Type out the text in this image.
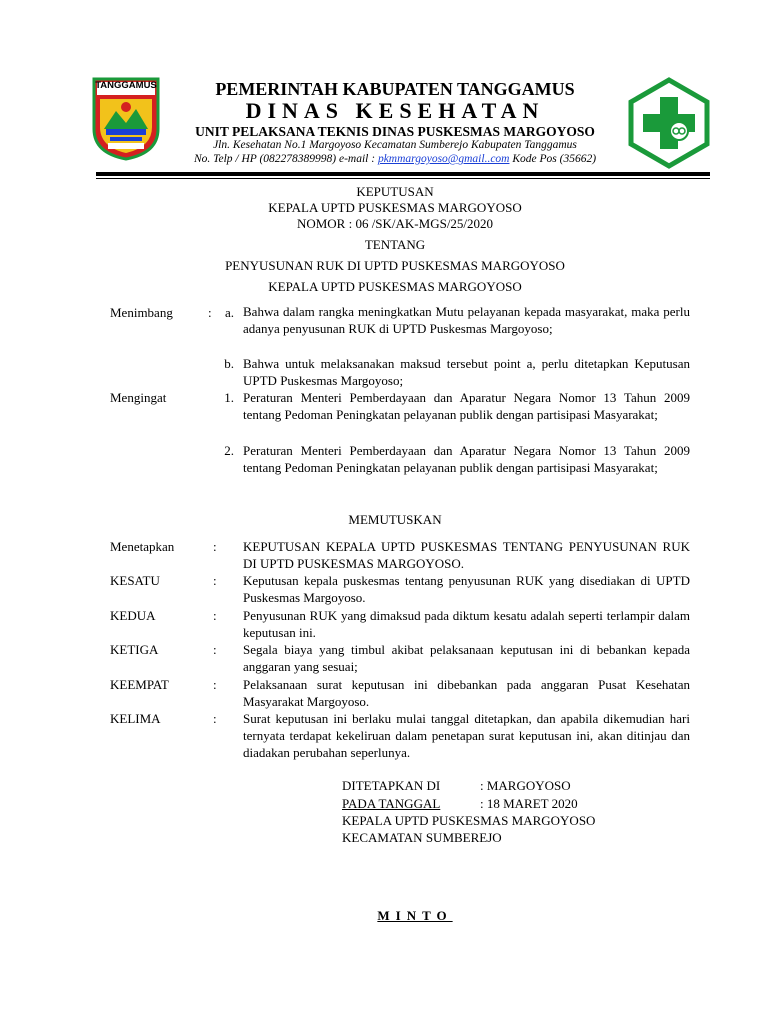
TANGGAMUS	PEMERINTAH KABUPATEN TANGGAMUS
DINAS KESEHATAN
UNIT PELAKSANA TEKNIS DINAS PUSKESMAS MARGOYOSO
Jln. Kesehatan No.1 Margoyoso Kecamatan Sumberejo Kabupaten Tanggamus
No. Telp / HP (082278389998) e-mail : pkmmargoyoso@gmail..com Kode Pos (35662)
KEPUTUSAN
KEPALA UPTD PUSKESMAS MARGOYOSO
NOMOR : 06 /SK/AK-MGS/25/2020
TENTANG
PENYUSUNAN RUK DI UPTD PUSKESMAS MARGOYOSO
KEPALA UPTD PUSKESMAS MARGOYOSO
Menimbang	:	a. Bahwa dalam rangka meningkatkan Mutu pelayanan kepada masyarakat, maka perlu adanya penyusunan RUK di UPTD Puskesmas Margoyoso;
b. Bahwa untuk melaksanakan maksud tersebut point a, perlu ditetapkan Keputusan UPTD Puskesmas Margoyoso;
Mengingat	1. Peraturan Menteri Pemberdayaan dan Aparatur Negara Nomor 13 Tahun 2009 tentang Pedoman Peningkatan pelayanan publik dengan partisipasi Masyarakat;
2. Peraturan Menteri Pemberdayaan dan Aparatur Negara Nomor 13 Tahun 2009 tentang Pedoman Peningkatan pelayanan publik dengan partisipasi Masyarakat;
MEMUTUSKAN
Menetapkan	: KEPUTUSAN KEPALA UPTD PUSKESMAS TENTANG PENYUSUNAN RUK DI UPTD PUSKESMAS MARGOYOSO.
KESATU	: Keputusan kepala puskesmas tentang penyusunan RUK yang disediakan di UPTD Puskesmas Margoyoso.
KEDUA	: Penyusunan RUK yang dimaksud pada diktum kesatu adalah seperti terlampir dalam keputusan ini.
KETIGA	: Segala biaya yang timbul akibat pelaksanaan keputusan ini di bebankan kepada anggaran yang sesuai;
KEEMPAT	: Pelaksanaan surat keputusan ini dibebankan pada anggaran Pusat Kesehatan Masyarakat Margoyoso.
KELIMA	: Surat keputusan ini berlaku mulai tanggal ditetapkan, dan apabila dikemudian hari ternyata terdapat kekeliruan dalam penetapan surat keputusan ini, akan ditinjau dan diadakan perubahan seperlunya.
DITETAPKAN DI	: MARGOYOSO
PADA TANGGAL	: 18 MARET 2020
KEPALA UPTD PUSKESMAS MARGOYOSO
KECAMATAN SUMBEREJO
MINTO
